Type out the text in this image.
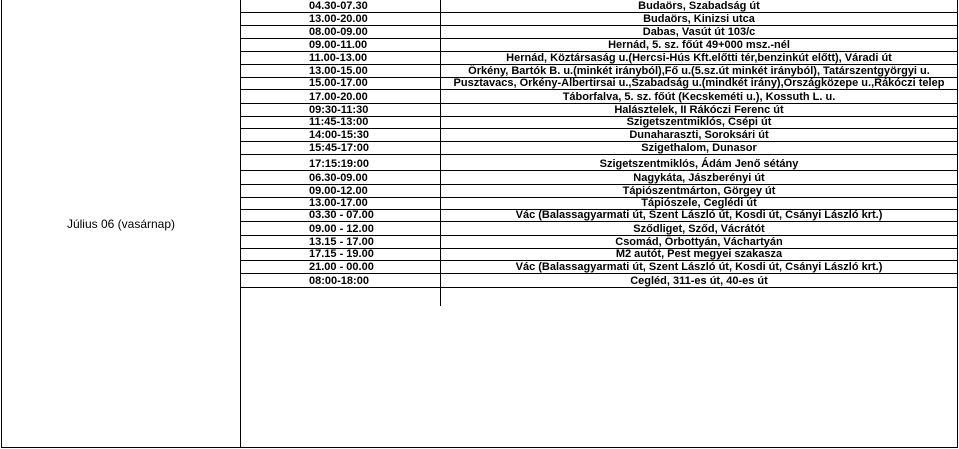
Július 06 (vasárnap)
04.30-07.30
13.00-20.00
08.00-09.00
09.00-11.00
11.00-13.00
13.00-15.00
15.00-17.00
17.00-20.00
09:30-11:30
11:45-13:00
14:00-15:30
15:45-17:00
17:15:19:00
06.30-09.00
09.00-12.00
13.00-17.00
03.30 - 07.00
09.00 - 12.00
13.15 - 17.00
17.15 - 19.00
21.00 - 00.00
08:00-18:00
Budaörs, Szabadság út
Budaörs, Kinizsi utca
Dabas, Vasút út 103/c
Hernád, 5. sz. főút 49+000 msz.-nél
Hernád, Köztársaság u.(Hercsi-Hús Kft.előtti tér,benzinkút előtt), Váradi út
Örkény, Bartók B. u.(minkét irányból),Fő u.(5.sz.út minkét irányból), Tatárszentgyörgyi u.
Pusztavacs, Örkény-Albertirsai u.,Szabadság u.(mindkét irány),Országközepe u.,Rákóczi telep
Táborfalva, 5. sz. főút (Kecskeméti u.), Kossuth L. u.
Halásztelek, II Rákóczi Ferenc út
Szigetszentmiklós, Csépi út
Dunaharaszti, Soroksári út
Szigethalom, Dunasor
Szigetszentmiklós, Ádám Jenő sétány
Nagykáta, Jászberényi út
Tápiószentmárton, Görgey út
Tápiószele, Ceglédi út
Vác (Balassagyarmati út, Szent László út, Kosdi út, Csányi László krt.)
Sződliget, Sződ, Vácrátót
Csomád, Őrbottyán, Váchartyán
M2 autót, Pest megyei szakasza
Vác (Balassagyarmati út, Szent László út, Kosdi út, Csányi László krt.)
Cegléd, 311-es út, 40-es út
